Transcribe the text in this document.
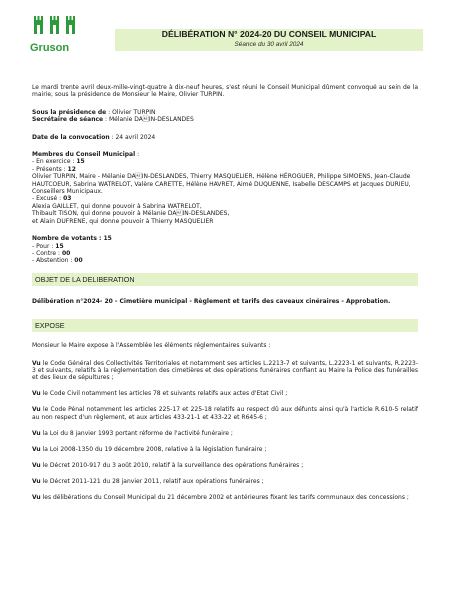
Gruson
DÉLIBÉRATION N° 2024-20 DU CONSEIL MUNICIPAL
Séance du 30 avril 2024
Le mardi trente avril deux-mille-vingt-quatre à dix-neuf heures, s'est réuni le Conseil Municipal dûment convoqué au sein de la mairie, sous la présidence de Monsieur le Maire, Olivier TURPIN.
Sous la présidence de : Olivier TURPIN
Secrétaire de séance : Mélanie DAIN-DESLANDES
Date de la convocation : 24 avril 2024
Membres du Conseil Municipal :
- En exercice : 15
- Présents : 12
Olivier TURPIN, Maire - Mélanie DAIN-DESLANDES, Thierry MASQUELIER, Hélène HÉROGUER, Philippe SIMOENS, Jean-Claude HAUTCOEUR, Sabrina WATRELOT, Valère CARETTE, Hélène HAVRET, Aimé DUQUENNE, Isabelle DESCAMPS et Jacques DURIEU, Conseillers Municipaux.
- Excusé : 03
Alexia GAILLET, qui donne pouvoir à Sabrina WATRELOT,
Thibault TISON, qui donne pouvoir à Mélanie DAIN-DESLANDES,
et Alain DUFRENE, qui donne pouvoir à Thierry MASQUELIER
Nombre de votants : 15
- Pour : 15
- Contre : 00
- Abstention : 00
OBJET DE LA DELIBERATION
Délibération n°2024- 20 - Cimetière municipal - Règlement et tarifs des caveaux cinéraires - Approbation.
EXPOSE
Monsieur le Maire expose à l'Assemblée les éléments réglementaires suivants :
Vu le Code Général des Collectivités Territoriales et notamment ses articles L.2213-7 et suivants, L.2223-1 et suivants, R.2223-3 et suivants, relatifs à la réglementation des cimetières et des opérations funéraires confiant au Maire la Police des funérailles et des lieux de sépultures ;
Vu le Code Civil notamment les articles 78 et suivants relatifs aux actes d'Etat Civil ;
Vu le Code Pénal notamment les articles 225-17 et 225-18 relatifs au respect dû aux défunts ainsi qu'à l'article R.610-5 relatif au non respect d'un règlement, et aux articles 433-21-1 et 433-22 et R645-6 ;
Vu la Loi du 8 janvier 1993 portant réforme de l'activité funéraire ;
Vu la Loi 2008-1350 du 19 décembre 2008, relative à la législation funéraire ;
Vu le Décret 2010-917 du 3 août 2010, relatif à la surveillance des opérations funéraires ;
Vu le Décret 2011-121 du 28 janvier 2011, relatif aux opérations funéraires ;
Vu les délibérations du Conseil Municipal du 21 décembre 2002 et antérieures fixant les tarifs communaux des concessions ;
